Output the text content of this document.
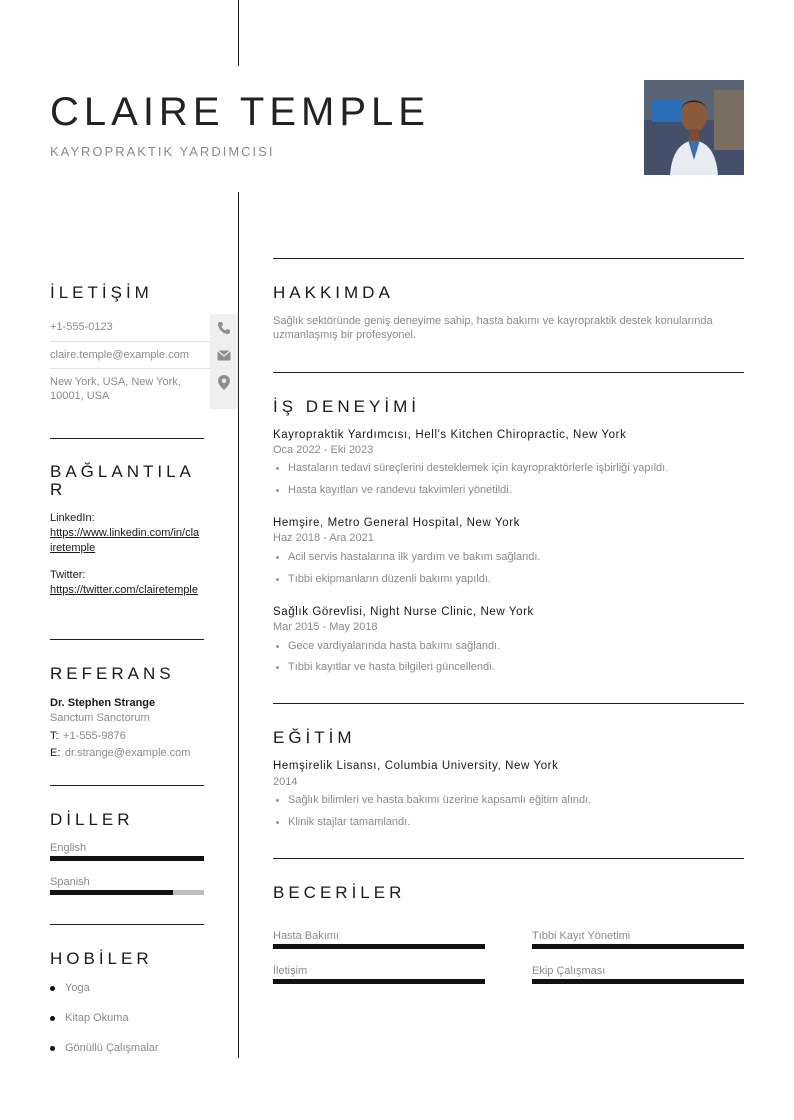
CLAIRE TEMPLE
KAYROPRAKTIK YARDIMCISI
İLETİŞİM
+1-555-0123
claire.temple@example.com
New York, USA, New York, 10001, USA
BAĞLANTILAR
LinkedIn:
https://www.linkedin.com/in/clairetemple
Twitter:
https://twitter.com/clairetemple
REFERANS
Dr. Stephen Strange
Sanctum Sanctorum
T: +1-555-9876
E: dr.strange@example.com
DİLLER
English
Spanish
HOBİLER
Yoga
Kitap Okuma
Gönüllü Çalışmalar
HAKKIMDA
Sağlık sektöründe geniş deneyime sahip, hasta bakımı ve kayropraktik destek konularında uzmanlaşmış bir profesyonel.
İŞ DENEYİMİ
Kayropraktik Yardımcısı, Hell's Kitchen Chiropractic, New York
Oca 2022 - Eki 2023
Hastaların tedavi süreçlerini desteklemek için kayropraktörlerle işbirliği yapıldı.
Hasta kayıtları ve randevu takvimleri yönetildi.
Hemşire, Metro General Hospital, New York
Haz 2018 - Ara 2021
Acil servis hastalarına ilk yardım ve bakım sağlandı.
Tıbbi ekipmanların düzenli bakımı yapıldı.
Sağlık Görevlisi, Night Nurse Clinic, New York
Mar 2015 - May 2018
Gece vardiyalarında hasta bakımı sağlandı.
Tıbbi kayıtlar ve hasta bilgileri güncellendi.
EĞİTİM
Hemşirelik Lisansı, Columbia University, New York
2014
Sağlık bilimleri ve hasta bakımı üzerine kapsamlı eğitim alındı.
Klinik stajlar tamamlandı.
BECERİLER
Hasta Bakımı	Tıbbi Kayıt Yönetimi
İletişim	Ekip Çalışması
